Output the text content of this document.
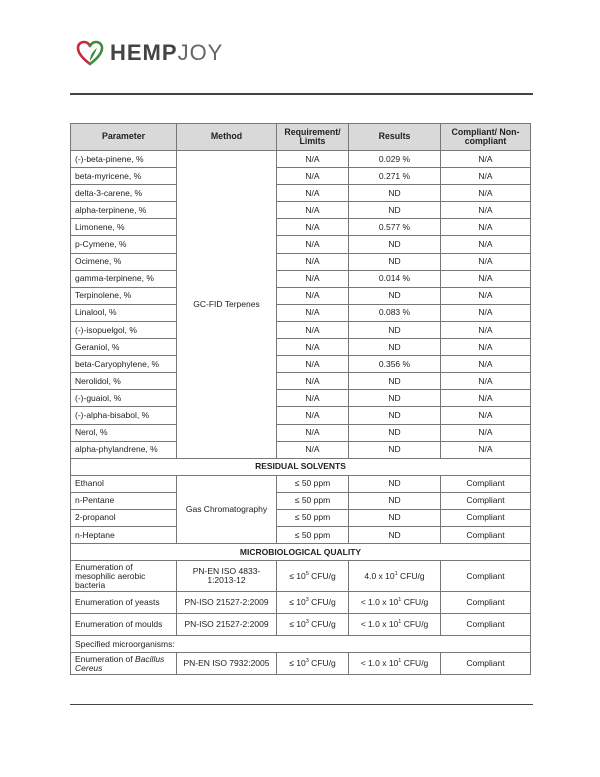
HEMPJOY
Parameter	Method	Requirement/ Limits	Results	Compliant/ Non-compliant
(-)-beta-pinene, %	GC-FID Terpenes	N/A	0.029 %	N/A
beta-myricene, %		N/A	0.271 %	N/A
delta-3-carene, %		N/A	ND	N/A
alpha-terpinene, %		N/A	ND	N/A
Limonene, %		N/A	0.577 %	N/A
p-Cymene, %		N/A	ND	N/A
Ocimene, %		N/A	ND	N/A
gamma-terpinene, %		N/A	0.014 %	N/A
Terpinolene, %		N/A	ND	N/A
Linalool, %		N/A	0.083 %	N/A
(-)-isopuelgol, %		N/A	ND	N/A
Geraniol, %		N/A	ND	N/A
beta-Caryophylene, %		N/A	0.356 %	N/A
Nerolidol, %		N/A	ND	N/A
(-)-guaiol, %		N/A	ND	N/A
(-)-alpha-bisabol, %		N/A	ND	N/A
Nerol, %		N/A	ND	N/A
alpha-phylandrene, %		N/A	ND	N/A
RESIDUAL SOLVENTS				
Ethanol	Gas Chromatography	≤ 50 ppm	ND	Compliant
n-Pentane		≤ 50 ppm	ND	Compliant
2-propanol		≤ 50 ppm	ND	Compliant
n-Heptane		≤ 50 ppm	ND	Compliant
MICROBIOLOGICAL QUALITY				
Enumeration of mesophilic aerobic bacteria	PN-EN ISO 4833-1:2013-12	≤ $10^5$ CFU/g	4.0 x $10^1$ CFU/g	Compliant
Enumeration of yeasts	PN-ISO 21527-2:2009	≤ $10^3$ CFU/g	< 1.0 x $10^1$ CFU/g	Compliant
Enumeration of moulds	PN-ISO 21527-2:2009	≤ $10^3$ CFU/g	< 1.0 x $10^1$ CFU/g	Compliant
Specified microorganisms:				
Enumeration of Bacillus Cereus	PN-EN ISO 7932:2005	≤ $10^3$ CFU/g	< 1.0 x $10^1$ CFU/g	Compliant
